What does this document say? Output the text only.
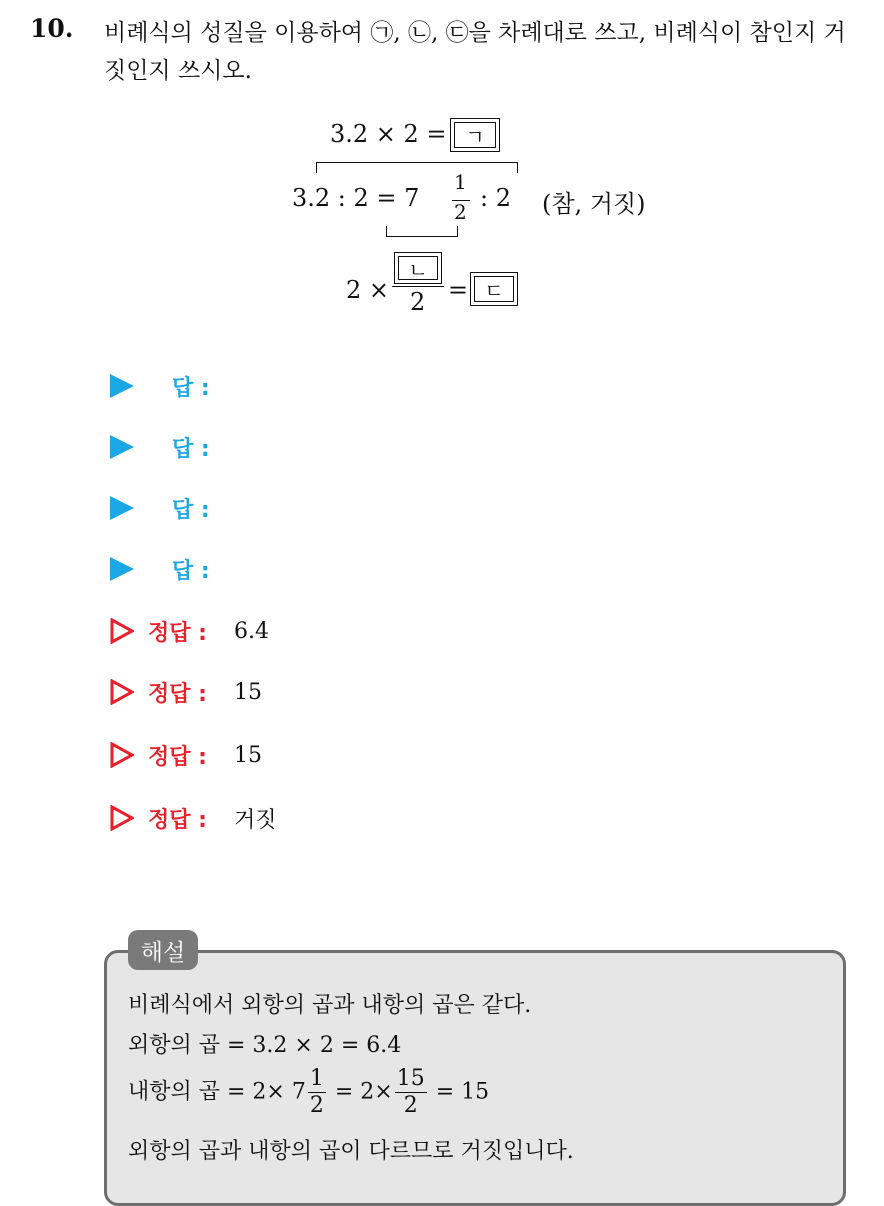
10. 비례식의 성질을 이용하여 ㉠, ㉡, ㉢을 차례대로 쓰고, 비례식이 참인지 거짓인지 쓰시오.
3.2 × 2 = ㄱ
3.2 : 2 = 7
1
2 : 2 (참, 거짓)
2 ×
ㄴ
2 = ㄷ
답 :
답 :
답 :
답 :
정답 :	6.4
정답 :	15
정답 :	15
정답 :	거짓
해설
비례식에서 외항의 곱과 내항의 곱은 같다.
외항의 곱 = 3.2 × 2 = 6.4
내항의 곱 = $2\times 7 \frac{1}{2} = 2\times \frac{15}{2} = 15$
외항의 곱과 내항의 곱이 다르므로 거짓입니다.
